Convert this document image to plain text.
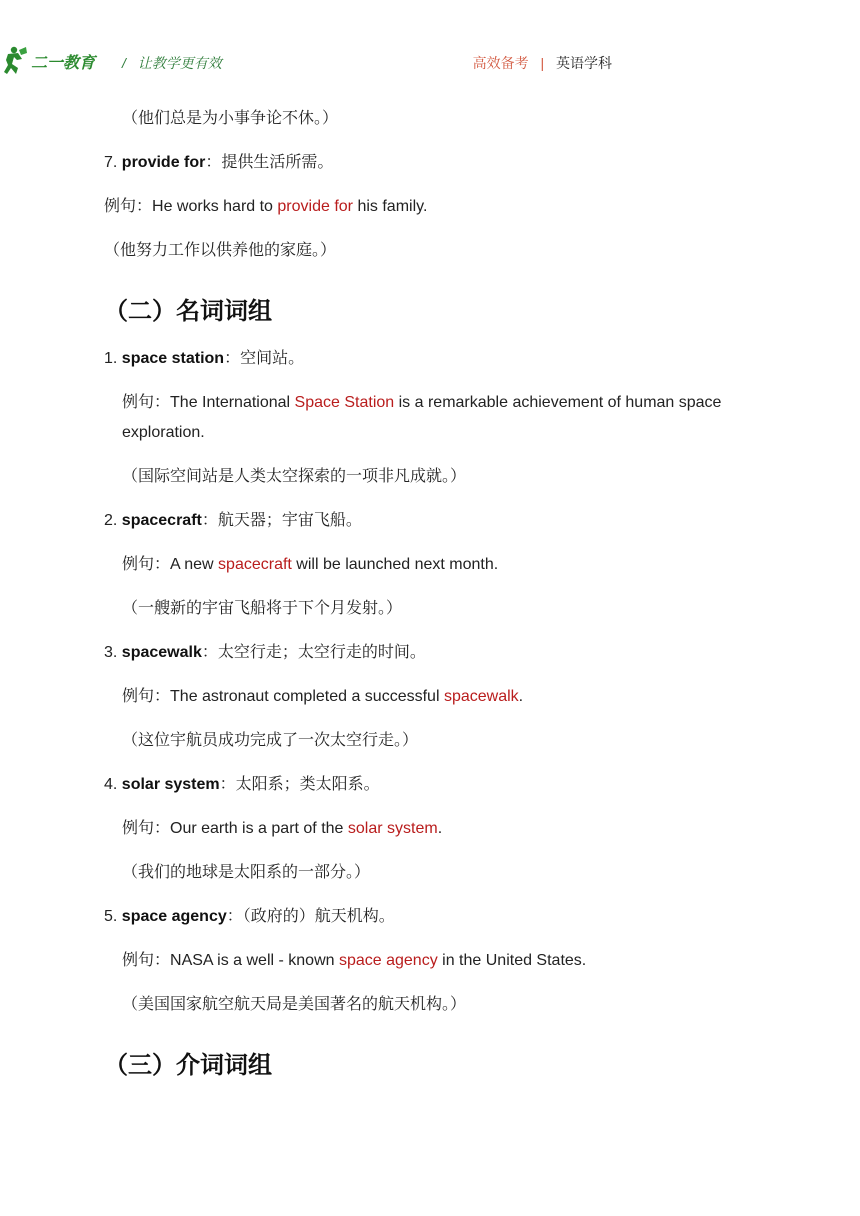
二一教育 / 让教学更有效	高效备考 | 英语学科
（他们总是为小事争论不休。）
7. provide for：提供生活所需。
例句：He works hard to provide for his family.
（他努力工作以供养他的家庭。）
（二）名词词组
1. space station：空间站。
例句：The International Space Station is a remarkable achievement of human space exploration.
（国际空间站是人类太空探索的一项非凡成就。）
2. spacecraft：航天器；宇宙飞船。
例句：A new spacecraft will be launched next month.
（一艘新的宇宙飞船将于下个月发射。）
3. spacewalk：太空行走；太空行走的时间。
例句：The astronaut completed a successful spacewalk.
（这位宇航员成功完成了一次太空行走。）
4. solar system：太阳系；类太阳系。
例句：Our earth is a part of the solar system.
（我们的地球是太阳系的一部分。）
5. space agency：（政府的）航天机构。
例句：NASA is a well - known space agency in the United States.
（美国国家航空航天局是美国著名的航天机构。）
（三）介词词组
